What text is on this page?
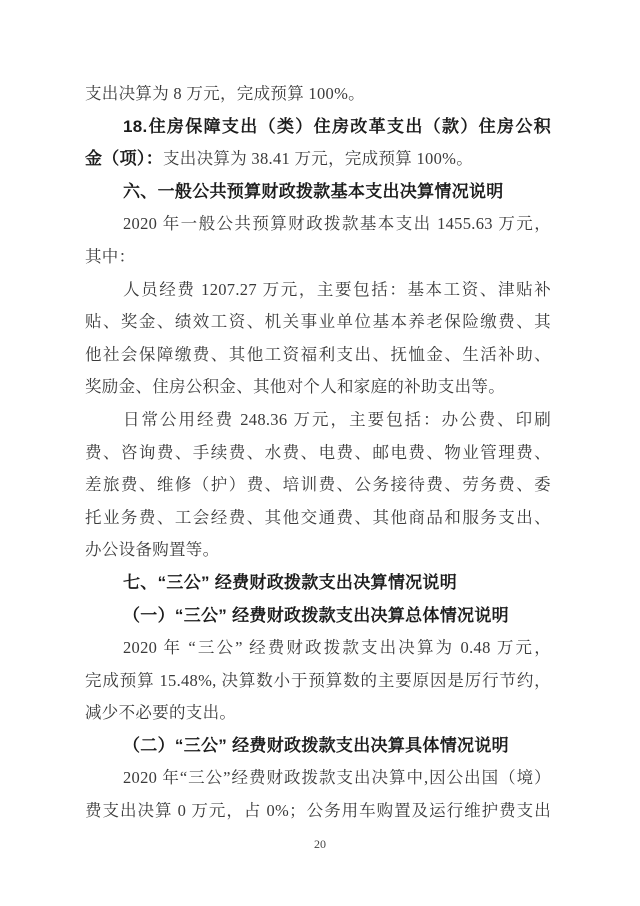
支出决算为 8 万元，完成预算 100%。
18.住房保障支出（类）住房改革支出（款）住房公积
金（项）：支出决算为 38.41 万元，完成预算 100%。
六、一般公共预算财政拨款基本支出决算情况说明
2020 年一般公共预算财政拨款基本支出 1455.63 万元，
其中：
人员经费 1207.27 万元，主要包括：基本工资、津贴补
贴、奖金、绩效工资、机关事业单位基本养老保险缴费、其
他社会保障缴费、其他工资福利支出、抚恤金、生活补助、
奖励金、住房公积金、其他对个人和家庭的补助支出等。
日常公用经费 248.36 万元，主要包括：办公费、印刷
费、咨询费、手续费、水费、电费、邮电费、物业管理费、
差旅费、维修（护）费、培训费、公务接待费、劳务费、委
托业务费、工会经费、其他交通费、其他商品和服务支出、
办公设备购置等。
七、“三公” 经费财政拨款支出决算情况说明
（一）“三公” 经费财政拨款支出决算总体情况说明
2020 年 “三公” 经费财政拨款支出决算为 0.48 万元，
完成预算 15.48%, 决算数小于预算数的主要原因是厉行节约，
减少不必要的支出。
（二）“三公” 经费财政拨款支出决算具体情况说明
2020 年“三公”经费财政拨款支出决算中,因公出国（境）
费支出决算 0 万元，占 0%；公务用车购置及运行维护费支出
20
